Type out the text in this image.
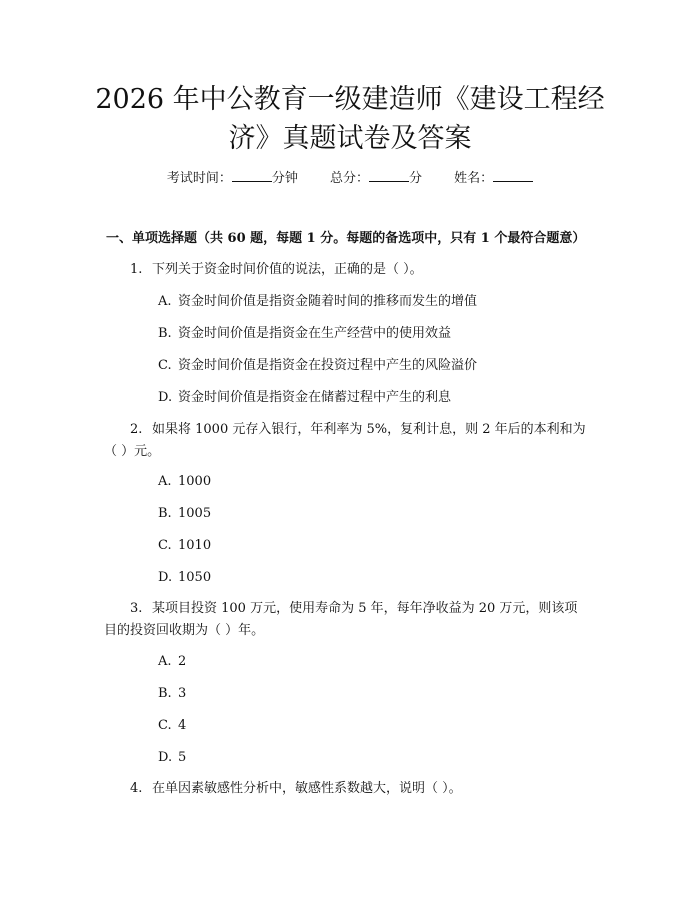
2026 年中公教育一级建造师《建设工程经
济》真题试卷及答案
考试时间：	分钟 总分：	分 姓名：
一、单项选择题（共 60 题，每题 1 分。每题的备选项中，只有 1 个最符合题意）
1. 下列关于资金时间价值的说法，正确的是（ ）。
A. 资金时间价值是指资金随着时间的推移而发生的增值
B. 资金时间价值是指资金在生产经营中的使用效益
C. 资金时间价值是指资金在投资过程中产生的风险溢价
D. 资金时间价值是指资金在储蓄过程中产生的利息
2. 如果将 1000 元存入银行，年利率为 5%，复利计息，则 2 年后的本利和为
（ ）元。
A. 1000
B. 1005
C. 1010
D. 1050
3. 某项目投资 100 万元，使用寿命为 5 年，每年净收益为 20 万元，则该项
目的投资回收期为（ ）年。
A. 2
B. 3
C. 4
D. 5
4. 在单因素敏感性分析中，敏感性系数越大，说明（ ）。
